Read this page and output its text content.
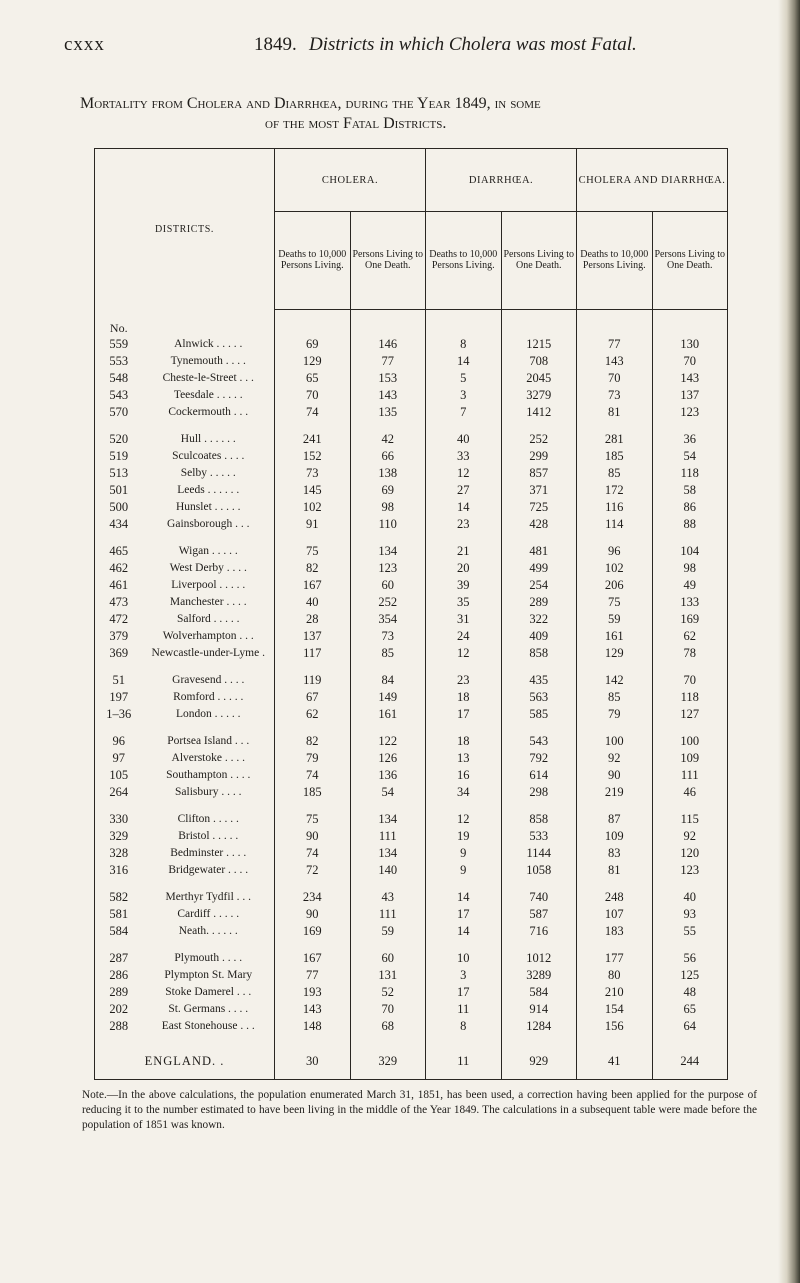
cxxx	1849. Districts in which Cholera was most Fatal.
Mortality from Cholera and Diarrhœa, during the Year 1849, in some
of the most Fatal Districts.
DISTRICTS.		CHOLERA.		DIARRHŒA.		CHOLERA AND DIARRHŒA.	
		Deaths to 10,000 Persons Living.	Persons Living to One Death.	Deaths to 10,000 Persons Living.	Persons Living to One Death.	Deaths to 10,000 Persons Living.	Persons Living to One Death.
No.							
559	Alnwick . . . . .	69	146	8	1215	77	130
553	Tynemouth . . . .	129	77	14	708	143	70
548	Cheste-le-Street . . .	65	153	5	2045	70	143
543	Teesdale . . . . .	70	143	3	3279	73	137
570	Cockermouth . . .	74	135	7	1412	81	123

520	Hull . . . . . .	241	42	40	252	281	36
519	Sculcoates . . . .	152	66	33	299	185	54
513	Selby . . . . .	73	138	12	857	85	118
501	Leeds . . . . . .	145	69	27	371	172	58
500	Hunslet . . . . .	102	98	14	725	116	86
434	Gainsborough . . .	91	110	23	428	114	88

465	Wigan . . . . .	75	134	21	481	96	104
462	West Derby . . . .	82	123	20	499	102	98
461	Liverpool . . . . .	167	60	39	254	206	49
473	Manchester . . . .	40	252	35	289	75	133
472	Salford . . . . .	28	354	31	322	59	169
379	Wolverhampton . . .	137	73	24	409	161	62
369	Newcastle-under-Lyme .	117	85	12	858	129	78

51	Gravesend . . . .	119	84	23	435	142	70
197	Romford . . . . .	67	149	18	563	85	118
1–36	London . . . . .	62	161	17	585	79	127

96	Portsea Island . . .	82	122	18	543	100	100
97	Alverstoke . . . .	79	126	13	792	92	109
105	Southampton . . . .	74	136	16	614	90	111
264	Salisbury . . . .	185	54	34	298	219	46

330	Clifton . . . . .	75	134	12	858	87	115
329	Bristol . . . . .	90	111	19	533	109	92
328	Bedminster . . . .	74	134	9	1144	83	120
316	Bridgewater . . . .	72	140	9	1058	81	123

582	Merthyr Tydfil . . .	234	43	14	740	248	40
581	Cardiff . . . . .	90	111	17	587	107	93
584	Neath. . . . . .	169	59	14	716	183	55

287	Plymouth . . . .	167	60	10	1012	177	56
286	Plympton St. Mary	77	131	3	3289	80	125
289	Stoke Damerel . . .	193	52	17	584	210	48
202	St. Germans . . . .	143	70	11	914	154	65
288	East Stonehouse . . .	148	68	8	1284	156	64

ENGLAND. .		30	329	11	929	41	244
Note.—In the above calculations, the population enumerated March 31, 1851, has been used, a correction having been applied for the purpose of reducing it to the number estimated to have been living in the middle of the Year 1849. The calculations in a subsequent table were made before the population of 1851 was known.
